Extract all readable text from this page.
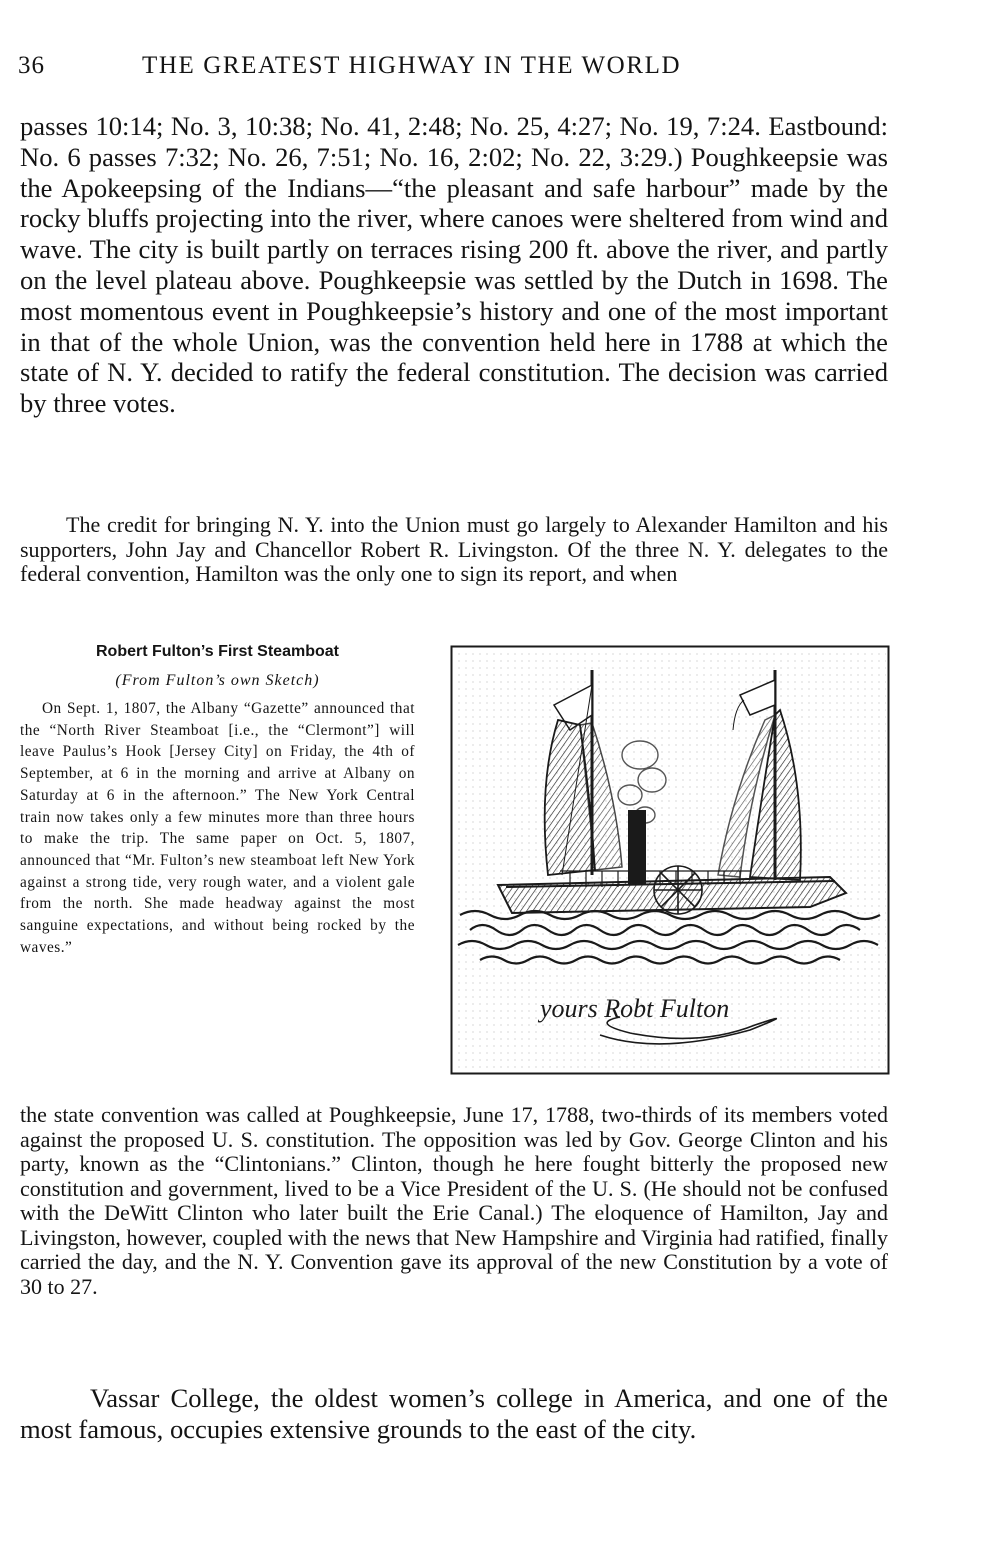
36	THE GREATEST HIGHWAY IN THE WORLD

passes 10:14; No. 3, 10:38; No. 41, 2:48; No. 25, 4:27; No. 19, 7:24. Eastbound: No. 6 passes 7:32; No. 26, 7:51; No. 16, 2:02; No. 22, 3:29.) Poughkeepsie was the Apokeepsing of the Indians—“the pleasant and safe harbour” made by the rocky bluffs projecting into the river, where canoes were sheltered from wind and wave. The city is built partly on terraces rising 200 ft. above the river, and partly on the level plateau above. Poughkeepsie was settled by the Dutch in 1698. The most momentous event in Poughkeepsie’s history and one of the most important in that of the whole Union, was the convention held here in 1788 at which the state of N. Y. decided to ratify the federal constitution. The decision was carried by three votes.

The credit for bringing N. Y. into the Union must go largely to Alexander Hamilton and his supporters, John Jay and Chancellor Robert R. Livingston. Of the three N. Y. delegates to the federal convention, Hamilton was the only one to sign its report, and when

Robert Fulton’s First Steamboat
(From Fulton’s own Sketch)

On Sept. 1, 1807, the Albany “Gazette” announced that the “North River Steamboat [i.e., the “Clermont”] will leave Paulus’s Hook [Jersey City] on Friday, the 4th of September, at 6 in the morning and arrive at Albany on Saturday at 6 in the afternoon.” The New York Central train now takes only a few minutes more than three hours to make the trip. The same paper on Oct. 5, 1807, announced that “Mr. Fulton’s new steamboat left New York against a strong tide, very rough water, and a violent gale from the north. She made headway against the most sanguine expectations, and without being rocked by the waves.”

yours Robt Fulton

the state convention was called at Poughkeepsie, June 17, 1788, two-thirds of its members voted against the proposed U. S. constitution. The opposition was led by Gov. George Clinton and his party, known as the “Clintonians.” Clinton, though he here fought bitterly the proposed new constitution and government, lived to be a Vice President of the U. S. (He should not be confused with the DeWitt Clinton who later built the Erie Canal.) The eloquence of Hamilton, Jay and Livingston, however, coupled with the news that New Hampshire and Virginia had ratified, finally carried the day, and the N. Y. Convention gave its approval of the new Constitution by a vote of 30 to 27.

Vassar College, the oldest women’s college in America, and one of the most famous, occupies extensive grounds to the east of the city.
